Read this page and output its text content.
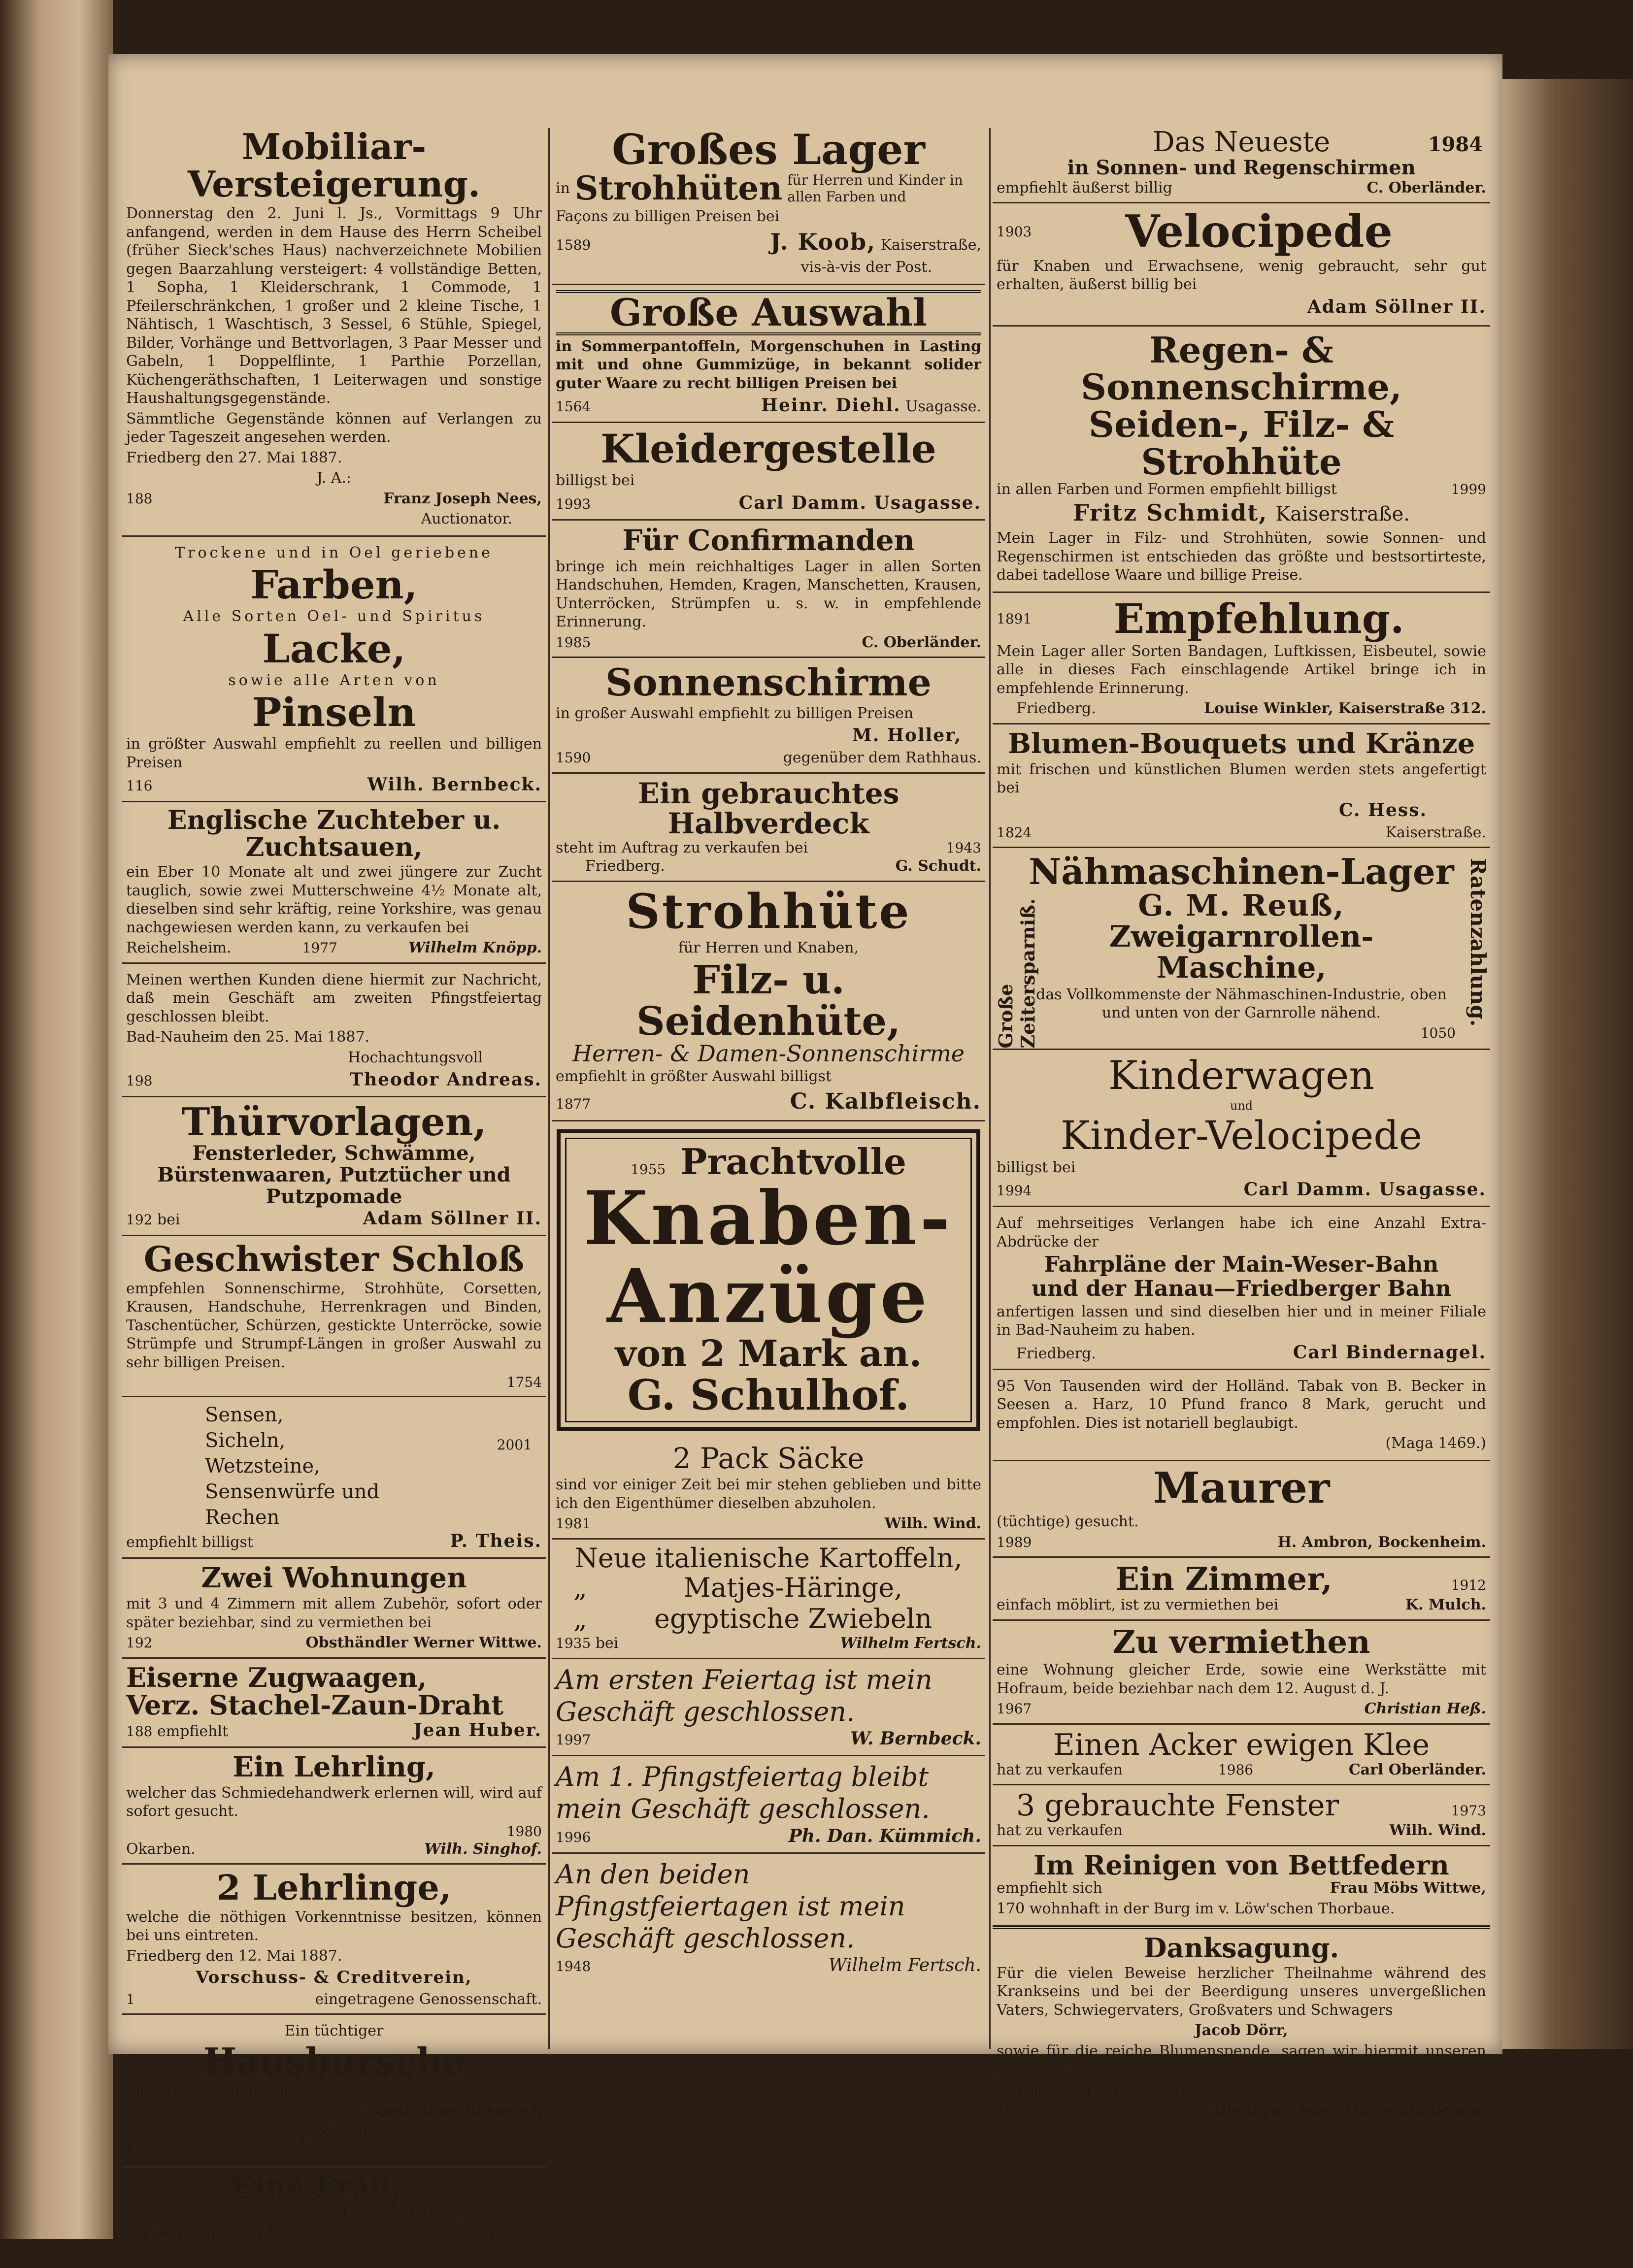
1984
Mobiliar-Versteigerung.
Donnerstag den 2. Juni l. Js., Vormittags 9 Uhr anfangend, werden in dem Hause des Herrn Scheibel (früher Sieck'sches Haus) nachverzeichnete Mobilien gegen Baarzahlung versteigert: 4 vollständige Betten, 1 Sopha, 1 Kleiderschrank, 1 Commode, 1 Pfeilerschränkchen, 1 großer und 2 kleine Tische, 1 Nähtisch, 1 Waschtisch, 3 Sessel, 6 Stühle, Spiegel, Bilder, Vorhänge und Bettvorlagen, 3 Paar Messer und Gabeln, 1 Doppelflinte, 1 Parthie Porzellan, Küchengeräthschaften, 1 Leiterwagen und sonstige Haushaltungsgegenstände.
Sämmtliche Gegenstände können auf Verlangen zu jeder Tageszeit angesehen werden.
Friedberg den 27. Mai 1887.
J. A.:
188	Franz Joseph Nees,
Auctionator.
Trockene und in Oel geriebene
Farben,
Alle Sorten Oel- und Spiritus
Lacke,
sowie alle Arten von
Pinseln
in größter Auswahl empfiehlt zu reellen und billigen Preisen
116	Wilh. Bernbeck.
Englische Zuchteber u. Zuchtsauen,
ein Eber 10 Monate alt und zwei jüngere zur Zucht tauglich, sowie zwei Mutterschweine 4½ Monate alt, dieselben sind sehr kräftig, reine Yorkshire, was genau nachgewiesen werden kann, zu verkaufen bei
Reichelsheim.	1977	Wilhelm Knöpp.
Meinen werthen Kunden diene hiermit zur Nachricht, daß mein Geschäft am zweiten Pfingstfeiertag geschlossen bleibt.
Bad-Nauheim den 25. Mai 1887.
Hochachtungsvoll
198	Theodor Andreas.
Thürvorlagen,
Fensterleder, Schwämme, Bürstenwaaren, Putztücher und Putzpomade
192 bei	Adam Söllner II.
Geschwister Schloß
empfehlen Sonnenschirme, Strohhüte, Corsetten, Krausen, Handschuhe, Herrenkragen und Binden, Taschentücher, Schürzen, gestickte Unterröcke, sowie Strümpfe und Strumpf-Längen in großer Auswahl zu sehr billigen Preisen.
1754
Sensen,
Sicheln,
Wetzsteine,
Sensenwürfe und
Rechen
2001
empfiehlt billigst	P. Theis.
Zwei Wohnungen
mit 3 und 4 Zimmern mit allem Zubehör, sofort oder später beziehbar, sind zu vermiethen bei
192	Obsthändler Werner Wittwe.
Eiserne Zugwaagen,
Verz. Stachel-Zaun-Draht
188 empfiehlt	Jean Huber.
Ein Lehrling,
welcher das Schmiedehandwerk erlernen will, wird auf sofort gesucht.
1980
Okarben.	Wilh. Singhof.
2 Lehrlinge,
welche die nöthigen Vorkenntnisse besitzen, können bei uns eintreten.
Friedberg den 12. Mai 1887.
Vorschuss- & Creditverein,
1	eingetragene Genossenschaft.
Ein tüchtiger
Hausbursche
bei gutem Lohn gesucht.
Gambrinus-Brauerei.
C. J. Melchior,
192	Butzbach.
Eine Frau,	1979
welche in der einfachen und feinen Küche bewandert ist, empfiehlt sich im Kochen. Näheres bei der Exp. d. Anz.
Großes Lager
in Strohhüten für Herren und Kinder in allen Farben und
Façons zu billigen Preisen bei
1589	J. Koob, Kaiserstraße,
vis-à-vis der Post.
Große Auswahl
in Sommerpantoffeln, Morgenschuhen in Lasting mit und ohne Gummizüge, in bekannt solider guter Waare zu recht billigen Preisen bei
1564	Heinr. Diehl. Usagasse.
Kleidergestelle
billigst bei
1993	Carl Damm. Usagasse.
Für Confirmanden
bringe ich mein reichhaltiges Lager in allen Sorten Handschuhen, Hemden, Kragen, Manschetten, Krausen, Unterröcken, Strümpfen u. s. w. in empfehlende Erinnerung.
1985	C. Oberländer.
Sonnenschirme
in großer Auswahl empfiehlt zu billigen Preisen
M. Holler,
1590	gegenüber dem Rathhaus.
Ein gebrauchtes Halbverdeck
steht im Auftrag zu verkaufen bei	1943
Friedberg.	G. Schudt.
Strohhüte
für Herren und Knaben,
Filz- u. Seidenhüte,
Herren- & Damen-Sonnenschirme
empfiehlt in größter Auswahl billigst
1877	C. Kalbfleisch.
1955 Prachtvolle
Knaben-
Anzüge
von 2 Mark an.
G. Schulhof.
2 Pack Säcke
sind vor einiger Zeit bei mir stehen geblieben und bitte ich den Eigenthümer dieselben abzuholen.
1981	Wilh. Wind.
Neue italienische Kartoffeln,
„	Matjes-Häringe,
„	egyptische Zwiebeln
1935 bei	Wilhelm Fertsch.
Am ersten Feiertag ist mein Geschäft geschlossen.
1997	W. Bernbeck.
Am 1. Pfingstfeiertag bleibt mein Geschäft geschlossen.
1996	Ph. Dan. Kümmich.
An den beiden Pfingstfeiertagen ist mein Geschäft geschlossen.
1948	Wilhelm Fertsch.
Das Neueste
in Sonnen- und Regenschirmen
empfiehlt äußerst billig	C. Oberländer.
1903	Velocipede
für Knaben und Erwachsene, wenig gebraucht, sehr gut erhalten, äußerst billig bei
Adam Söllner II.
Regen- & Sonnenschirme,
Seiden-, Filz- & Strohhüte
in allen Farben und Formen empfiehlt billigst	1999
Fritz Schmidt, Kaiserstraße.
Mein Lager in Filz- und Strohhüten, sowie Sonnen- und Regenschirmen ist entschieden das größte und bestsortirteste, dabei tadellose Waare und billige Preise.
1891	Empfehlung.
Mein Lager aller Sorten Bandagen, Luftkissen, Eisbeutel, sowie alle in dieses Fach einschlagende Artikel bringe ich in empfehlende Erinnerung.
Friedberg.	Louise Winkler, Kaiserstraße 312.
Blumen-Bouquets und Kränze
mit frischen und künstlichen Blumen werden stets angefertigt bei
C. Hess.
1824	Kaiserstraße.
Große Zeitersparniß.	Ratenzahlung.
Nähmaschinen-Lager
G. M. Reuß,
Zweigarnrollen-Maschine,
das Vollkommenste der Nähmaschinen-Industrie, oben und unten von der Garnrolle nähend.
1050
Kinderwagen
und
Kinder-Velocipede
billigst bei
1994	Carl Damm. Usagasse.
Auf mehrseitiges Verlangen habe ich eine Anzahl Extra-Abdrücke der
Fahrpläne der Main-Weser-Bahn
und der Hanau—Friedberger Bahn
anfertigen lassen und sind dieselben hier und in meiner Filiale in Bad-Nauheim zu haben.
Friedberg.	Carl Bindernagel.
95 Von Tausenden wird der Holländ. Tabak von B. Becker in Seesen a. Harz, 10 Pfund franco 8 Mark, gerucht und empfohlen. Dies ist notariell beglaubigt.
(Maga 1469.)
Maurer
(tüchtige) gesucht.
1989	H. Ambron, Bockenheim.
Ein Zimmer,	1912
einfach möblirt, ist zu vermiethen bei	K. Mulch.
Zu vermiethen
eine Wohnung gleicher Erde, sowie eine Werkstätte mit Hofraum, beide beziehbar nach dem 12. August d. J.
1967	Christian Heß.
Einen Acker ewigen Klee
hat zu verkaufen	1986	Carl Oberländer.
3 gebrauchte Fenster	1973
hat zu verkaufen	Wilh. Wind.
Im Reinigen von Bettfedern
empfiehlt sich	Frau Möbs Wittwe,
170 wohnhaft in der Burg im v. Löw'schen Thorbaue.
Danksagung.
Für die vielen Beweise herzlicher Theilnahme während des Krankseins und bei der Beerdigung unseres unvergeßlichen Vaters, Schwiegervaters, Großvaters und Schwagers
Jacob Dörr,
sowie für die reiche Blumenspende, sagen wir hiermit unseren innigsten Dank.
Friedberg den 26. Mai 1887.
1992	Die trauernden Hinterbliebenen.
